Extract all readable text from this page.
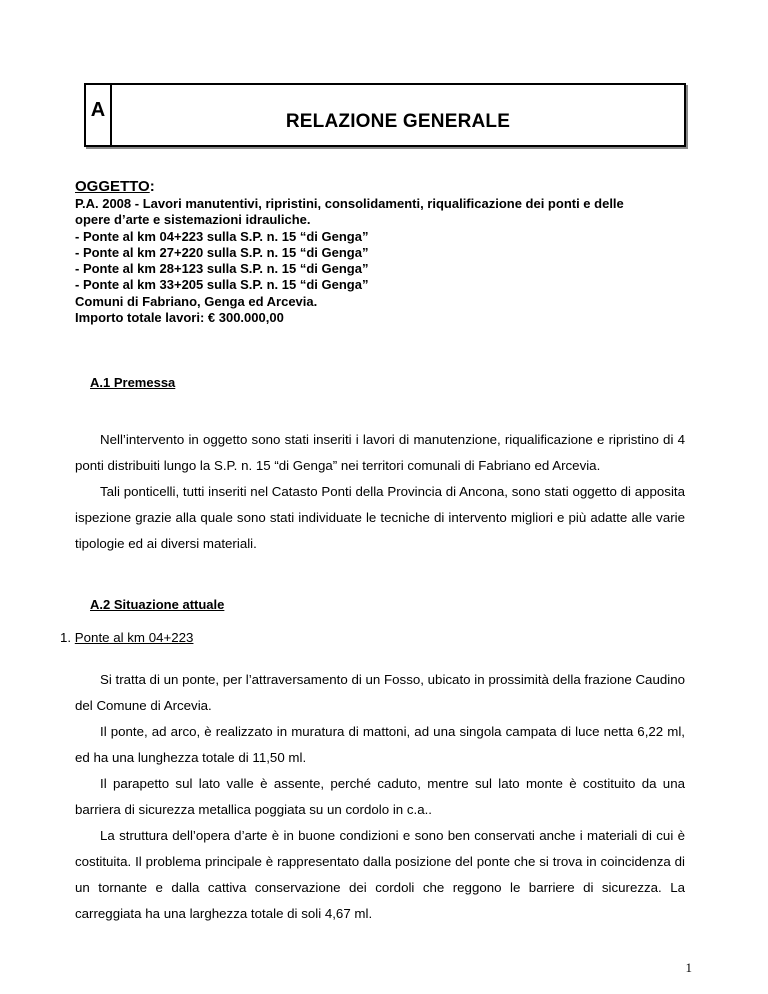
A
RELAZIONE GENERALE
OGGETTO:
P.A. 2008 - Lavori manutentivi, ripristini, consolidamenti, riqualificazione dei ponti e delle
opere d’arte e sistemazioni idrauliche.
- Ponte al km 04+223 sulla S.P. n. 15 “di Genga”
- Ponte al km 27+220 sulla S.P. n. 15 “di Genga”
- Ponte al km 28+123 sulla S.P. n. 15 “di Genga”
- Ponte al km 33+205 sulla S.P. n. 15 “di Genga”
Comuni di Fabriano, Genga ed Arcevia.
Importo totale lavori: € 300.000,00
A.1 Premessa

Nell’intervento in oggetto sono stati inseriti i lavori di manutenzione, riqualificazione e ripristino di 4 ponti distribuiti lungo la S.P. n. 15 “di Genga” nei territori comunali di Fabriano ed Arcevia.

Tali ponticelli, tutti inseriti nel Catasto Ponti della Provincia di Ancona, sono stati oggetto di apposita ispezione grazie alla quale sono stati individuate le tecniche di intervento migliori e più adatte alle varie tipologie ed ai diversi materiali.

A.2 Situazione attuale
1. Ponte al km 04+223

Si tratta di un ponte, per l’attraversamento di un Fosso, ubicato in prossimità della frazione Caudino del Comune di Arcevia.

Il ponte, ad arco, è realizzato in muratura di mattoni, ad una singola campata di luce netta 6,22 ml, ed ha una lunghezza totale di 11,50 ml.

Il parapetto sul lato valle è assente, perché caduto, mentre sul lato monte è costituito da una barriera di sicurezza metallica poggiata su un cordolo in c.a..

La struttura dell’opera d’arte è in buone condizioni e sono ben conservati anche i materiali di cui è costituita. Il problema principale è rappresentato dalla posizione del ponte che si trova in coincidenza di un tornante e dalla cattiva conservazione dei cordoli che reggono le barriere di sicurezza. La carreggiata ha una larghezza totale di soli 4,67 ml.

1
